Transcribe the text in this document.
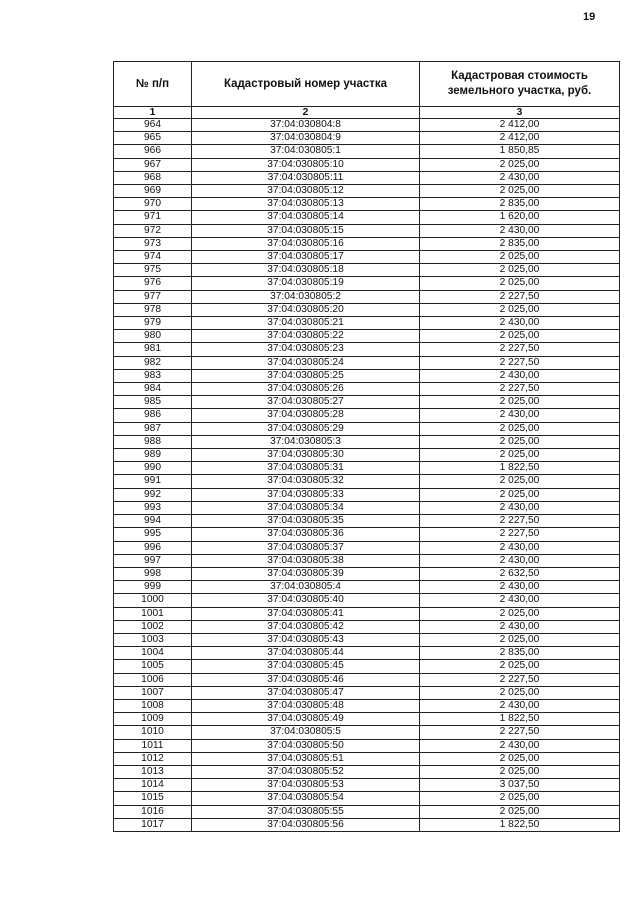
19
№ п/п	Кадастровый номер участка	Кадастровая стоимость земельного участка, руб.
1	2	3
964	37:04:030804:8	2 412,00
965	37:04:030804:9	2 412,00
966	37:04:030805:1	1 850,85
967	37:04:030805:10	2 025,00
968	37:04:030805:11	2 430,00
969	37:04:030805:12	2 025,00
970	37:04:030805:13	2 835,00
971	37:04:030805:14	1 620,00
972	37:04:030805:15	2 430,00
973	37:04:030805:16	2 835,00
974	37:04:030805:17	2 025,00
975	37:04:030805:18	2 025,00
976	37:04:030805:19	2 025,00
977	37:04:030805:2	2 227,50
978	37:04:030805:20	2 025,00
979	37:04:030805:21	2 430,00
980	37:04:030805:22	2 025,00
981	37:04:030805:23	2 227,50
982	37:04:030805:24	2 227,50
983	37:04:030805:25	2 430,00
984	37:04:030805:26	2 227,50
985	37:04:030805:27	2 025,00
986	37:04:030805:28	2 430,00
987	37:04:030805:29	2 025,00
988	37:04:030805:3	2 025,00
989	37:04:030805:30	2 025,00
990	37:04:030805:31	1 822,50
991	37:04:030805:32	2 025,00
992	37:04:030805:33	2 025,00
993	37:04:030805:34	2 430,00
994	37:04:030805:35	2 227,50
995	37:04:030805:36	2 227,50
996	37:04:030805:37	2 430,00
997	37:04:030805:38	2 430,00
998	37:04:030805:39	2 632,50
999	37:04:030805:4	2 430,00
1000	37:04:030805:40	2 430,00
1001	37:04:030805:41	2 025,00
1002	37:04:030805:42	2 430,00
1003	37:04:030805:43	2 025,00
1004	37:04:030805:44	2 835,00
1005	37:04:030805:45	2 025,00
1006	37:04:030805:46	2 227,50
1007	37:04:030805:47	2 025,00
1008	37:04:030805:48	2 430,00
1009	37:04:030805:49	1 822,50
1010	37:04:030805:5	2 227,50
1011	37:04:030805:50	2 430,00
1012	37:04:030805:51	2 025,00
1013	37:04:030805:52	2 025,00
1014	37:04:030805:53	3 037,50
1015	37:04:030805:54	2 025,00
1016	37:04:030805:55	2 025,00
1017	37:04:030805:56	1 822,50
